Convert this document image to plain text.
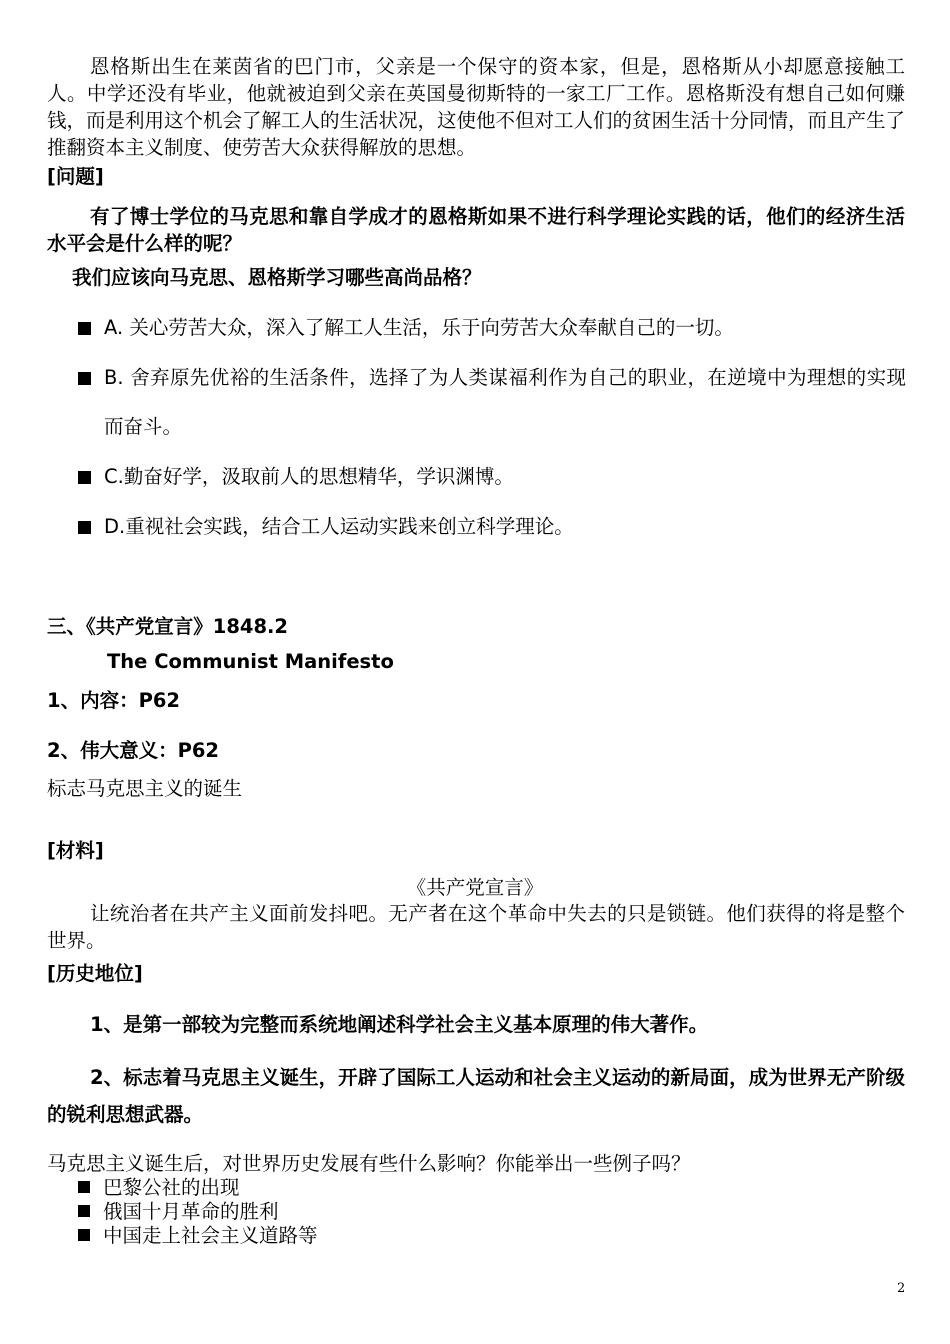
恩格斯出生在莱茵省的巴门市，父亲是一个保守的资本家，但是，恩格斯从小却愿意接触工人。中学还没有毕业，他就被迫到父亲在英国曼彻斯特的一家工厂工作。恩格斯没有想自己如何赚钱，而是利用这个机会了解工人的生活状况，这使他不但对工人们的贫困生活十分同情，而且产生了推翻资本主义制度、使劳苦大众获得解放的思想。
[问题]
有了博士学位的马克思和靠自学成才的恩格斯如果不进行科学理论实践的话，他们的经济生活水平会是什么样的呢？
我们应该向马克思、恩格斯学习哪些高尚品格？
A. 关心劳苦大众，深入了解工人生活，乐于向劳苦大众奉献自己的一切。
B. 舍弃原先优裕的生活条件，选择了为人类谋福利作为自己的职业，在逆境中为理想的实现而奋斗。
C.勤奋好学，汲取前人的思想精华，学识渊博。
D.重视社会实践，结合工人运动实践来创立科学理论。
三、《共产党宣言》1848.2
The Communist Manifesto
1、内容：P62
2、伟大意义：P62
标志马克思主义的诞生
[材料]
《共产党宣言》
让统治者在共产主义面前发抖吧。无产者在这个革命中失去的只是锁链。他们获得的将是整个世界。
[历史地位]
1、是第一部较为完整而系统地阐述科学社会主义基本原理的伟大著作。
2、标志着马克思主义诞生，开辟了国际工人运动和社会主义运动的新局面，成为世界无产阶级的锐利思想武器。
马克思主义诞生后，对世界历史发展有些什么影响？你能举出一些例子吗？
巴黎公社的出现
俄国十月革命的胜利
中国走上社会主义道路等
2
